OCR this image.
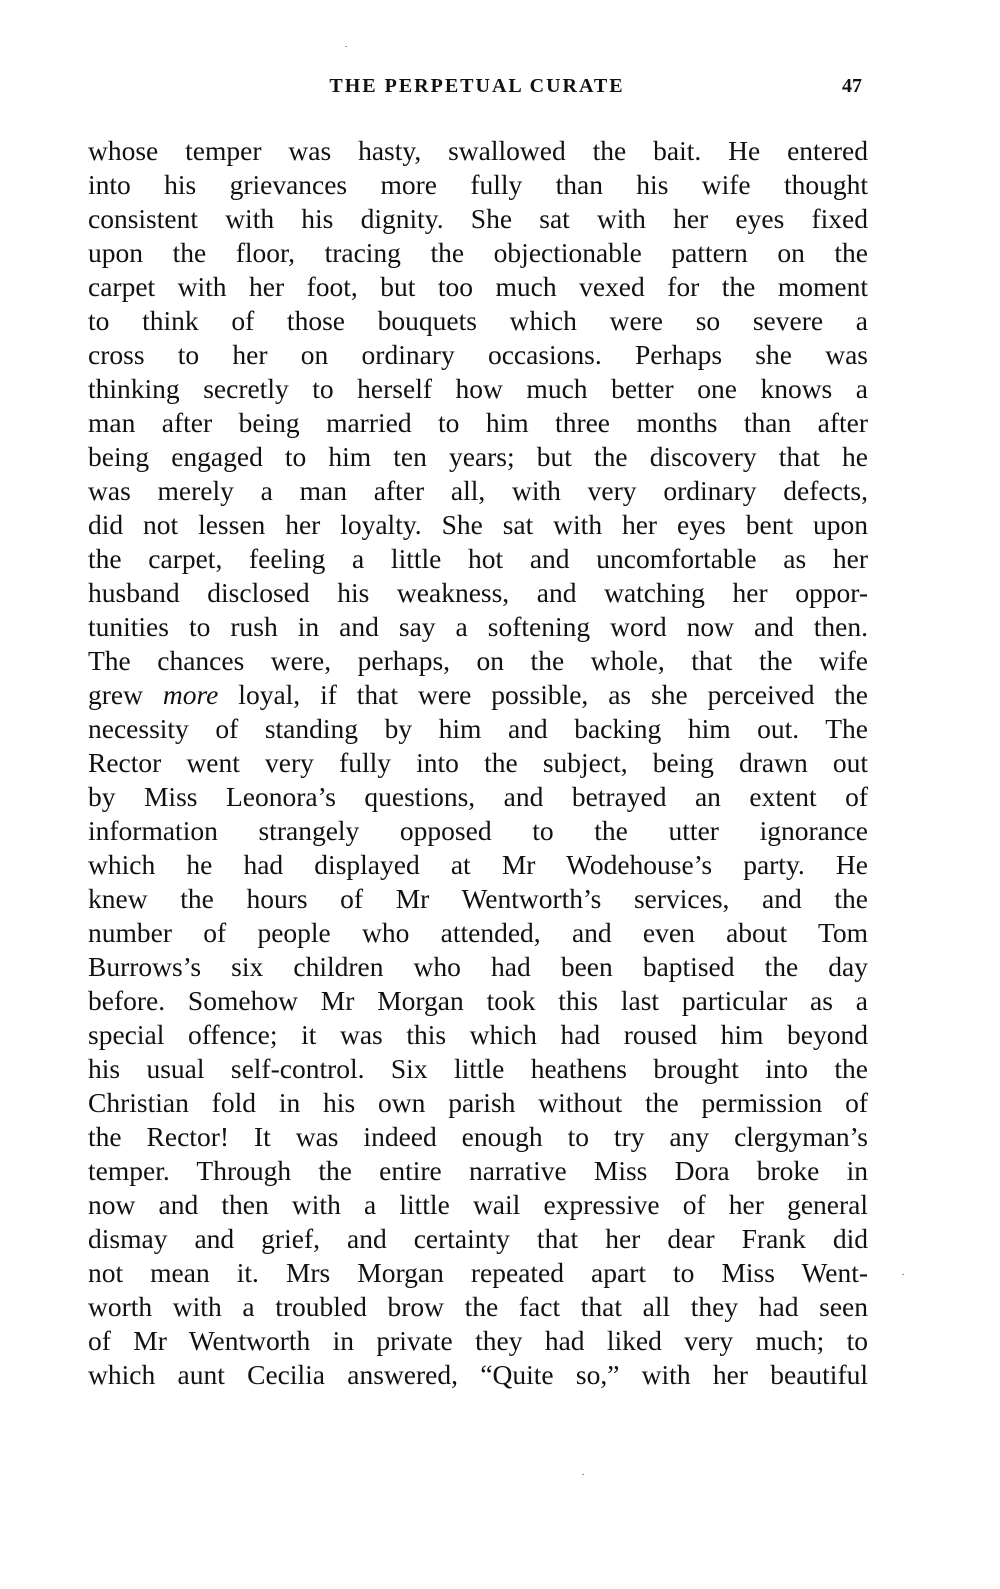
THE PERPETUAL CURATE	47
whose temper was hasty, swallowed the bait. He entered
into his grievances more fully than his wife thought
consistent with his dignity. She sat with her eyes fixed
upon the floor, tracing the objectionable pattern on the
carpet with her foot, but too much vexed for the moment
to think of those bouquets which were so severe a
cross to her on ordinary occasions. Perhaps she was
thinking secretly to herself how much better one knows a
man after being married to him three months than after
being engaged to him ten years; but the discovery that he
was merely a man after all, with very ordinary defects,
did not lessen her loyalty. She sat with her eyes bent upon
the carpet, feeling a little hot and uncomfortable as her
husband disclosed his weakness, and watching her oppor-
tunities to rush in and say a softening word now and then.
The chances were, perhaps, on the whole, that the wife
grew more loyal, if that were possible, as she perceived the
necessity of standing by him and backing him out. The
Rector went very fully into the subject, being drawn out
by Miss Leonora’s questions, and betrayed an extent of
information strangely opposed to the utter ignorance
which he had displayed at Mr Wodehouse’s party. He
knew the hours of Mr Wentworth’s services, and the
number of people who attended, and even about Tom
Burrows’s six children who had been baptised the day
before. Somehow Mr Morgan took this last particular as a
special offence; it was this which had roused him beyond
his usual self-control. Six little heathens brought into the
Christian fold in his own parish without the permission of
the Rector! It was indeed enough to try any clergyman’s
temper. Through the entire narrative Miss Dora broke in
now and then with a little wail expressive of her general
dismay and grief, and certainty that her dear Frank did
not mean it. Mrs Morgan repeated apart to Miss Went-
worth with a troubled brow the fact that all they had seen
of Mr Wentworth in private they had liked very much; to
which aunt Cecilia answered, “Quite so,” with her beautiful
